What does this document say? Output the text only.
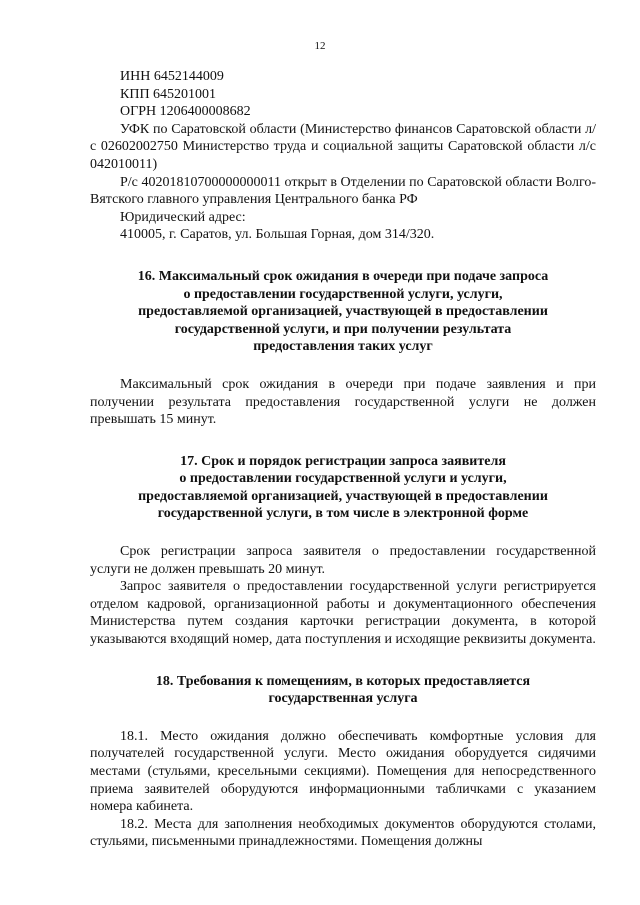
12
ИНН 6452144009
КПП 645201001
ОГРН 1206400008682
УФК по Саратовской области (Министерство финансов Саратовской области л/с 02602002750 Министерство труда и социальной защиты Саратовской области л/с 042010011)
Р/с 40201810700000000011 открыт в Отделении по Саратовской области Волго-Вятского главного управления Центрального банка РФ
Юридический адрес:
410005, г. Саратов, ул. Большая Горная, дом 314/320.
16. Максимальный срок ожидания в очереди при подаче запроса
о предоставлении государственной услуги, услуги,
предоставляемой организацией, участвующей в предоставлении
государственной услуги, и при получении результата
предоставления таких услуг

Максимальный срок ожидания в очереди при подаче заявления и при получении результата предоставления государственной услуги не должен превышать 15 минут.

17. Срок и порядок регистрации запроса заявителя
о предоставлении государственной услуги и услуги,
предоставляемой организацией, участвующей в предоставлении
государственной услуги, в том числе в электронной форме

Срок регистрации запроса заявителя о предоставлении государственной услуги не должен превышать 20 минут.

Запрос заявителя о предоставлении государственной услуги регистрируется отделом кадровой, организационной работы и документационного обеспечения Министерства путем создания карточки регистрации документа, в которой указываются входящий номер, дата поступления и исходящие реквизиты документа.

18. Требования к помещениям, в которых предоставляется
государственная услуга

18.1. Место ожидания должно обеспечивать комфортные условия для получателей государственной услуги. Место ожидания оборудуется сидячими местами (стульями, кресельными секциями). Помещения для непосредственного приема заявителей оборудуются информационными табличками с указанием номера кабинета.

18.2. Места для заполнения необходимых документов оборудуются столами, стульями, письменными принадлежностями. Помещения должны
